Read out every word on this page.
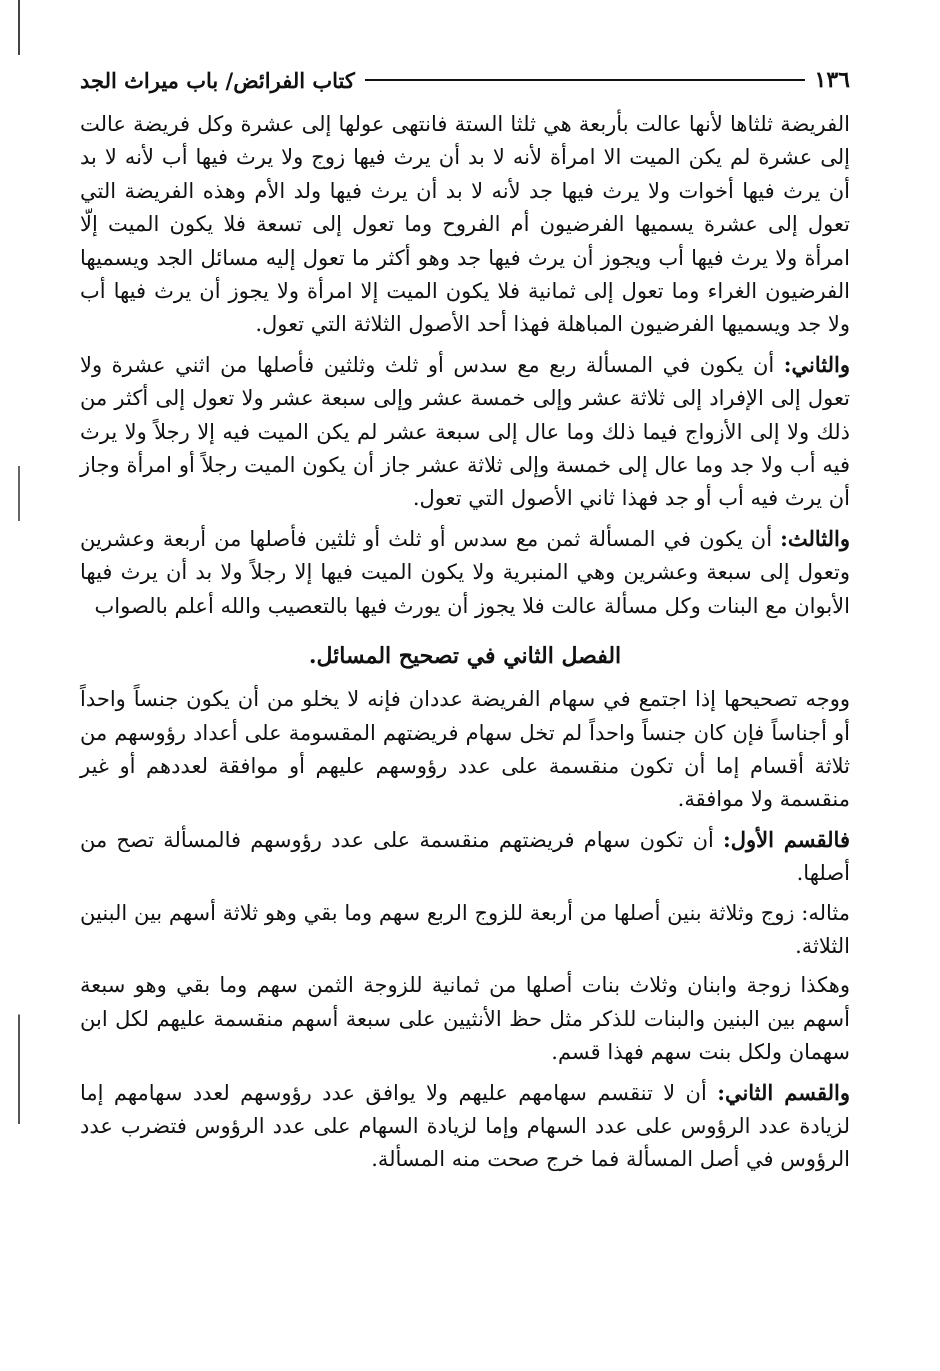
١٣٦
كتاب الفرائض/ باب ميراث الجد

الفريضة ثلثاها لأنها عالت بأربعة هي ثلثا الستة فانتهى عولها إلى عشرة وكل فريضة عالت إلى عشرة لم يكن الميت الا امرأة لأنه لا بد أن يرث فيها زوج ولا يرث فيها أب لأنه لا بد أن يرث فيها أخوات ولا يرث فيها جد لأنه لا بد أن يرث فيها ولد الأم وهذه الفريضة التي تعول إلى عشرة يسميها الفرضيون أم الفروح وما تعول إلى تسعة فلا يكون الميت إلّا امرأة ولا يرث فيها أب ويجوز أن يرث فيها جد وهو أكثر ما تعول إليه مسائل الجد ويسميها الفرضيون الغراء وما تعول إلى ثمانية فلا يكون الميت إلا امرأة ولا يجوز أن يرث فيها أب ولا جد ويسميها الفرضيون المباهلة فهذا أحد الأصول الثلاثة التي تعول.

والثاني: أن يكون في المسألة ربع مع سدس أو ثلث وثلثين فأصلها من اثني عشرة ولا تعول إلى الإفراد إلى ثلاثة عشر وإلى خمسة عشر وإلى سبعة عشر ولا تعول إلى أكثر من ذلك ولا إلى الأزواج فيما ذلك وما عال إلى سبعة عشر لم يكن الميت فيه إلا رجلاً ولا يرث فيه أب ولا جد وما عال إلى خمسة وإلى ثلاثة عشر جاز أن يكون الميت رجلاً أو امرأة وجاز أن يرث فيه أب أو جد فهذا ثاني الأصول التي تعول.

والثالث: أن يكون في المسألة ثمن مع سدس أو ثلث أو ثلثين فأصلها من أربعة وعشرين وتعول إلى سبعة وعشرين وهي المنبرية ولا يكون الميت فيها إلا رجلاً ولا بد أن يرث فيها الأبوان مع البنات وكل مسألة عالت فلا يجوز أن يورث فيها بالتعصيب والله أعلم بالصواب

الفصل الثاني في تصحيح المسائل.

ووجه تصحيحها إذا اجتمع في سهام الفريضة عددان فإنه لا يخلو من أن يكون جنساً واحداً أو أجناساً فإن كان جنساً واحداً لم تخل سهام فريضتهم المقسومة على أعداد رؤوسهم من ثلاثة أقسام إما أن تكون منقسمة على عدد رؤوسهم عليهم أو موافقة لعددهم أو غير منقسمة ولا موافقة.

فالقسم الأول: أن تكون سهام فريضتهم منقسمة على عدد رؤوسهم فالمسألة تصح من أصلها.

مثاله: زوج وثلاثة بنين أصلها من أربعة للزوج الربع سهم وما بقي وهو ثلاثة أسهم بين البنين الثلاثة.

وهكذا زوجة وابنان وثلاث بنات أصلها من ثمانية للزوجة الثمن سهم وما بقي وهو سبعة أسهم بين البنين والبنات للذكر مثل حظ الأنثيين على سبعة أسهم منقسمة عليهم لكل ابن سهمان ولكل بنت سهم فهذا قسم.

والقسم الثاني: أن لا تنقسم سهامهم عليهم ولا يوافق عدد رؤوسهم لعدد سهامهم إما لزيادة عدد الرؤوس على عدد السهام وإما لزيادة السهام على عدد الرؤوس فتضرب عدد الرؤوس في أصل المسألة فما خرج صحت منه المسألة.
